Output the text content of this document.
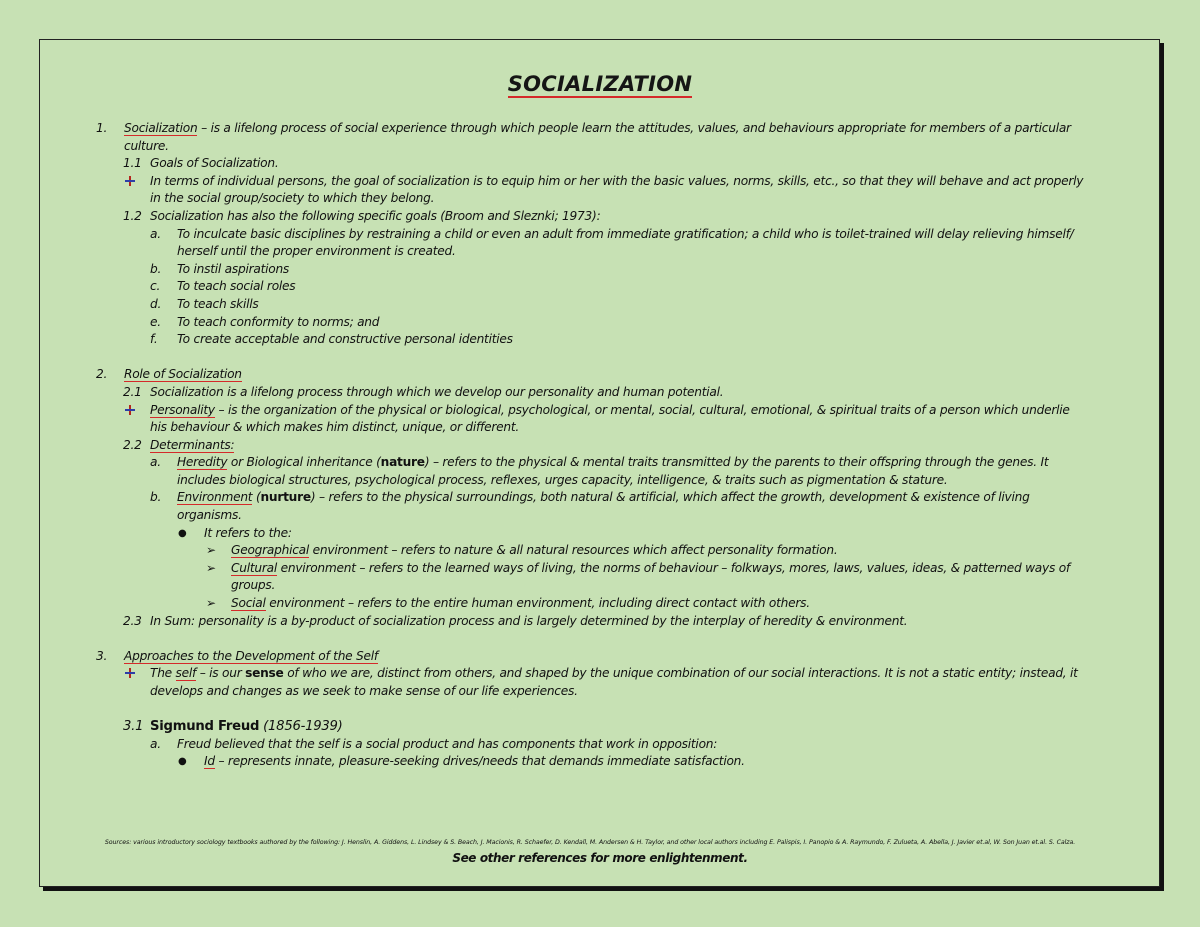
SOCIALIZATION
1. Socialization – is a lifelong process of social experience through which people learn the attitudes, values, and behaviours appropriate for members of a particular
culture.
1.1 Goals of Socialization.
In terms of individual persons, the goal of socialization is to equip him or her with the basic values, norms, skills, etc., so that they will behave and act properly
in the social group/society to which they belong.
1.2 Socialization has also the following specific goals (Broom and Sleznki; 1973):
a. To inculcate basic disciplines by restraining a child or even an adult from immediate gratification; a child who is toilet-trained will delay relieving himself/
herself until the proper environment is created.
b. To instil aspirations
c. To teach social roles
d. To teach skills
e. To teach conformity to norms; and
f. To create acceptable and constructive personal identities
2. Role of Socialization
2.1 Socialization is a lifelong process through which we develop our personality and human potential.
Personality – is the organization of the physical or biological, psychological, or mental, social, cultural, emotional, & spiritual traits of a person which underlie
his behaviour & which makes him distinct, unique, or different.
2.2 Determinants:
a. Heredity or Biological inheritance (nature) – refers to the physical & mental traits transmitted by the parents to their offspring through the genes. It
includes biological structures, psychological process, reflexes, urges capacity, intelligence, & traits such as pigmentation & stature.
b. Environment (nurture) – refers to the physical surroundings, both natural & artificial, which affect the growth, development & existence of living
organisms.
● It refers to the:
➢ Geographical environment – refers to nature & all natural resources which affect personality formation.
➢ Cultural environment – refers to the learned ways of living, the norms of behaviour – folkways, mores, laws, values, ideas, & patterned ways of
groups.
➢ Social environment – refers to the entire human environment, including direct contact with others.
2.3 In Sum: personality is a by-product of socialization process and is largely determined by the interplay of heredity & environment.
3. Approaches to the Development of the Self
The self – is our sense of who we are, distinct from others, and shaped by the unique combination of our social interactions. It is not a static entity; instead, it
develops and changes as we seek to make sense of our life experiences.
3.1 Sigmund Freud (1856-1939)
a. Freud believed that the self is a social product and has components that work in opposition:
● Id – represents innate, pleasure-seeking drives/needs that demands immediate satisfaction.
Sources: various introductory sociology textbooks authored by the following: J. Henslin, A. Giddens, L. Lindsey & S. Beach, J. Macionis, R. Schaefer, D. Kendall, M. Andersen & H. Taylor, and other local authors including E. Palispis, I. Panopio & A. Raymundo, F. Zulueta, A. Abella, J. Javier et.al, W. Son Juan et.al. S. Calza.
See other references for more enlightenment.
